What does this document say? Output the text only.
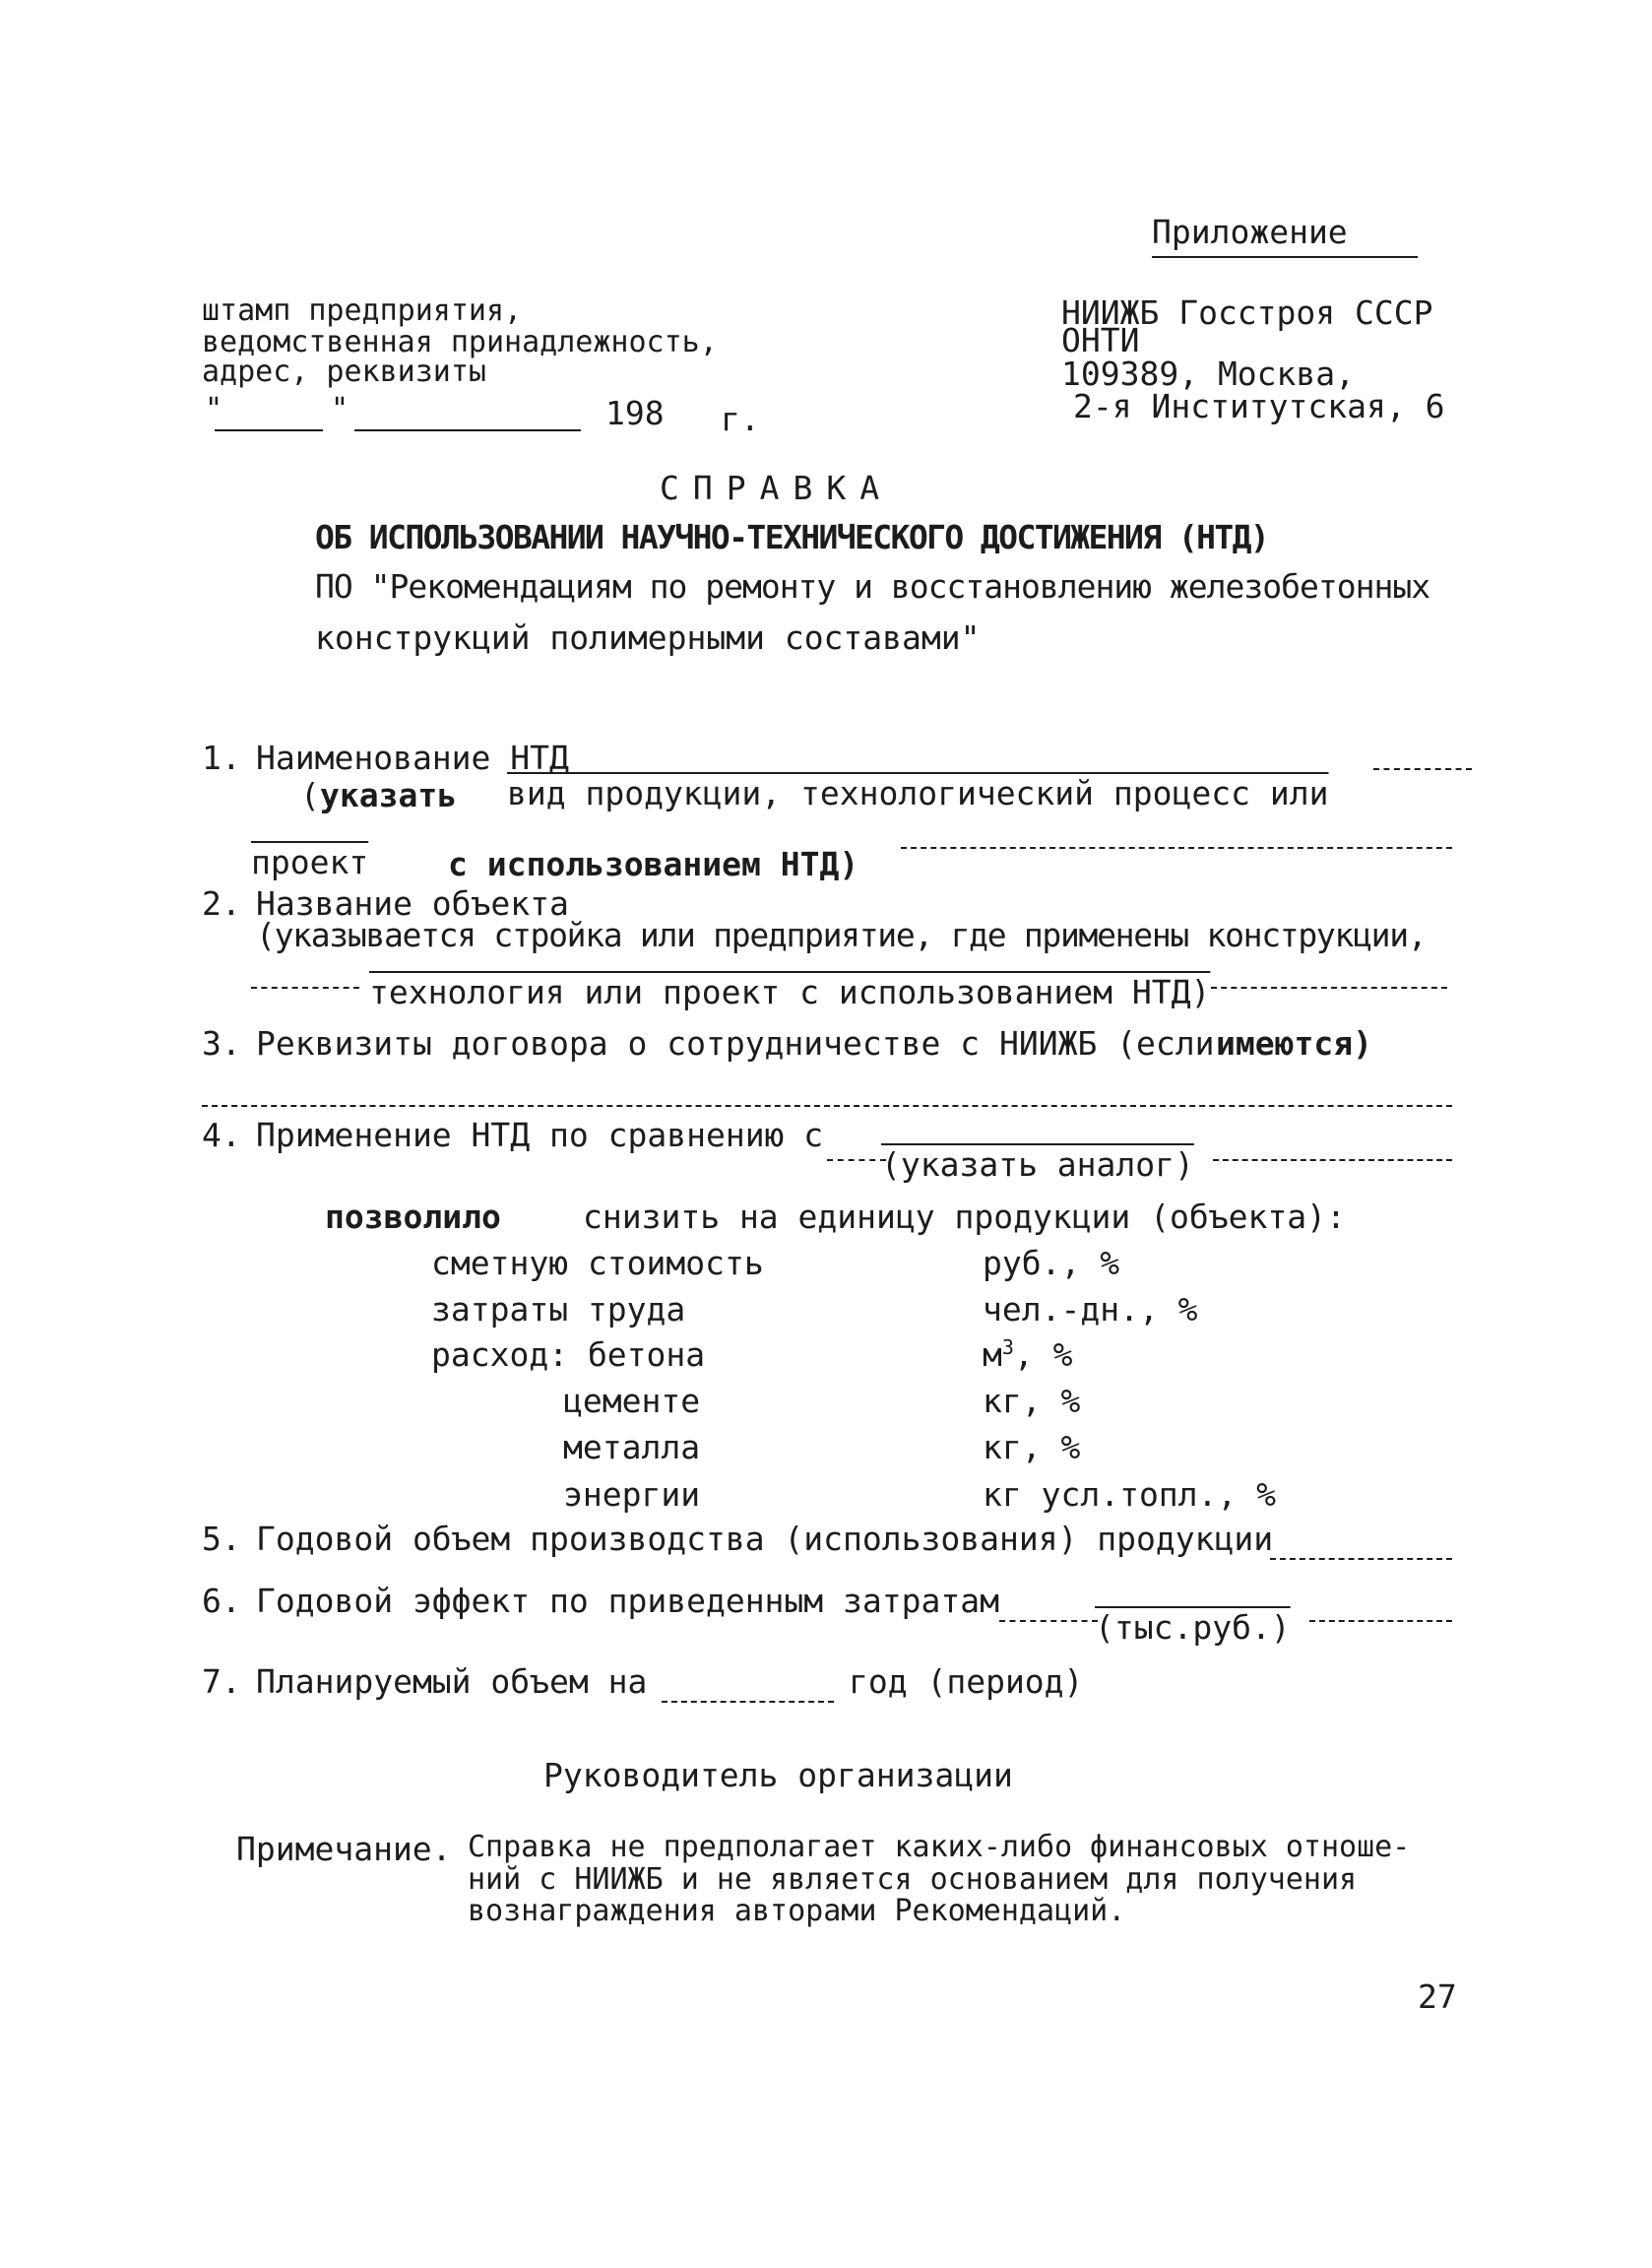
Приложение
штамп предприятия,
ведомственная принадлежность,
адрес, реквизиты
"	"	198 г.
НИИЖБ Госстроя СССР
ОНТИ
109389, Москва,
2-я Институтская, 6
СПРАВКА
ОБ ИСПОЛЬЗОВАНИИ НАУЧНО-ТЕХНИЧЕСКОГО ДОСТИЖЕНИЯ (НТД)
ПО "Рекомендациям по ремонту и восстановлению железобетонных
конструкций полимерными составами"
1. Наименование НТД
( указать вид продукции, технологический процесс или
проект с использованием НТД)
2. Название объекта
(указывается стройка или предприятие, где применены конструкции,
технология или проект с использованием НТД)
3. Реквизиты договора о сотрудничестве с НИИЖБ (если имеются)
4. Применение НТД по сравнению с
(указать аналог)
позволило	снизить на единицу продукции (объекта):
сметную стоимость	руб., %
затраты труда	чел.-дн., %
расход: бетона	$м^3$, %
цементе	кг, %
металла	кг, %
энергии	кг усл.топл., %
5. Годовой объем производства (использования) продукции
6. Годовой эффект по приведенным затратам
(тыс.руб.)
7. Планируемый объем на	год (период)
Руководитель организации
Примечание. Справка не предполагает каких-либо финансовых отноше-
ний с НИИЖБ и не является основанием для получения
вознаграждения авторами Рекомендаций.
27
